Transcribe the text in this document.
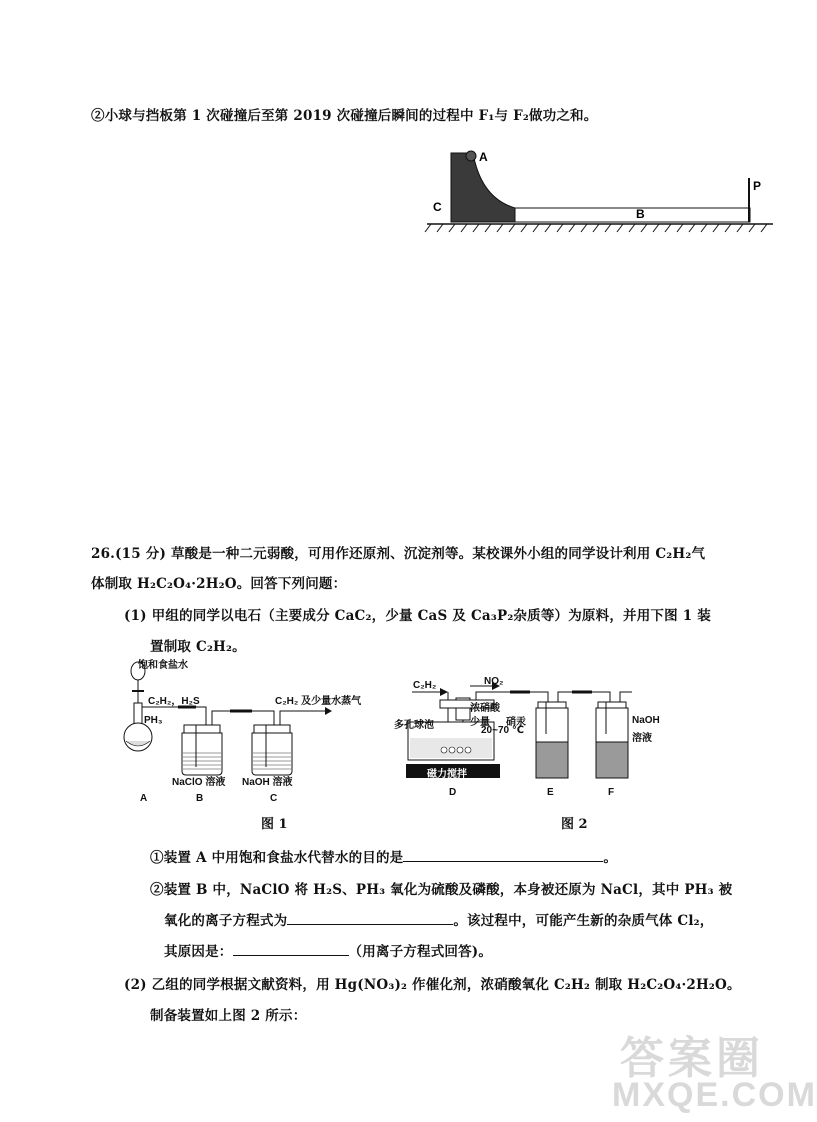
②小球与挡板第 1 次碰撞后至第 2019 次碰撞后瞬间的过程中 F₁与 F₂做功之和。
A
C	B
P
26.(15 分) 草酸是一种二元弱酸，可用作还原剂、沉淀剂等。某校课外小组的同学设计利用 C₂H₂气
体制取 H₂C₂O₄·2H₂O。回答下列问题：
(1) 甲组的同学以电石（主要成分 CaC₂，少量 CaS 及 Ca₃P₂杂质等）为原料，并用下图 1 装
置制取 C₂H₂。
饱和食盐水
C₂H₂，H₂S
PH₃
C₂H₂ 及少量水蒸气
NaClO 溶液 NaOH 溶液
A	B	C
图 1
C₂H₂	NO₂
浓硝酸
少量 硝汞
20~70 ℃
多孔球泡
磁力搅拌
NaOH
溶液
D	E	F
图 2
①装置 A 中用饱和食盐水代替水的目的是	。
②装置 B 中，NaClO 将 H₂S、PH₃ 氧化为硫酸及磷酸，本身被还原为 NaCl，其中 PH₃ 被
氧化的离子方程式为	。该过程中，可能产生新的杂质气体 Cl₂，
其原因是：	（用离子方程式回答)。
(2) 乙组的同学根据文献资料，用 Hg(NO₃)₂ 作催化剂，浓硝酸氧化 C₂H₂ 制取 H₂C₂O₄·2H₂O。
制备装置如上图 2 所示：
答案圈
MXQE.COM
